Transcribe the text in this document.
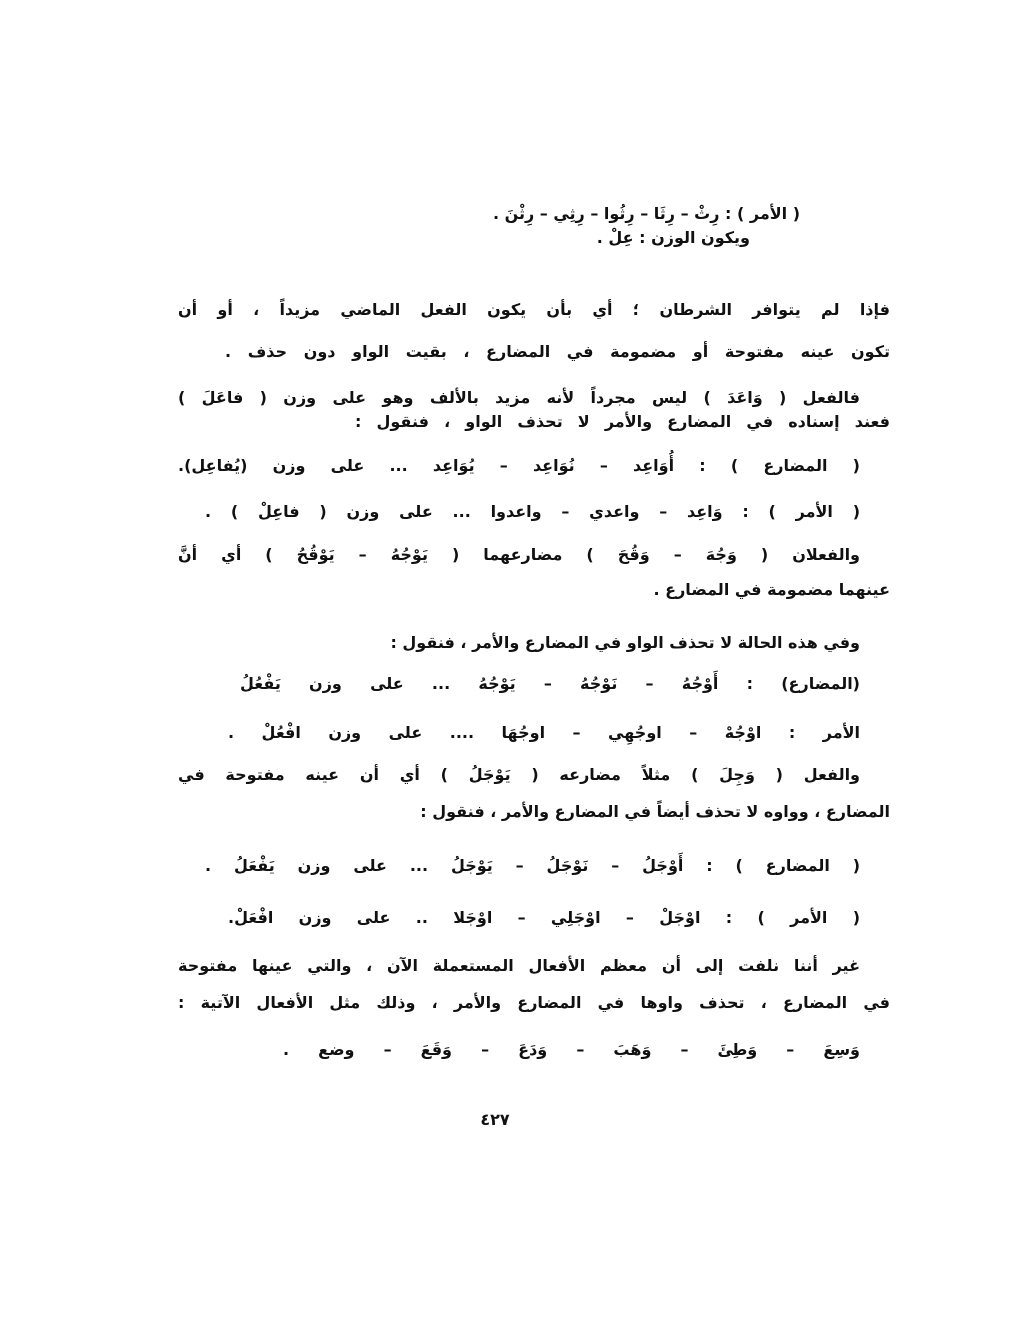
( الأمر ) : رِثْ – رِثَا – رِثُوا – رِثِي – رِثْنَ .
ويكون الوزن : عِلْ .
فإذا لم يتوافر الشرطان ؛ أي بأن يكون الفعل الماضي مزيداً ، أو أن
تكون عينه مفتوحة أو مضمومة في المضارع ، بقيت الواو دون حذف .
فالفعل ( وَاعَدَ ) ليس مجرداً لأنه مزيد بالألف وهو على وزن ( فاعَلَ )
فعند إسناده في المضارع والأمر لا تحذف الواو ، فنقول :
( المضارع ) : أُوَاعِد – نُوَاعِد – يُوَاعِد ... على وزن (يُفاعِل).
( الأمر ) : وَاعِد – واعدي – واعدوا ... على وزن ( فاعِلْ ) .
والفعلان ( وَجُهَ – وَقُحَ ) مضارعهما ( يَوْجُهُ – يَوْقُحُ ) أي أنَّ
عينهما مضمومة في المضارع .
وفي هذه الحالة لا تحذف الواو في المضارع والأمر ، فنقول :
(المضارع) : أَوْجُهُ – نَوْجُهُ – يَوْجُهُ ... على وزن يَفْعُلُ
الأمر : اوْجُهْ – اوجُهِي – اوجُهَا .... على وزن افْعُلْ .
والفعل ( وَجِلَ ) مثلاً مضارعه ( يَوْجَلُ ) أي أن عينه مفتوحة في
المضارع ، وواوه لا تحذف أيضاً في المضارع والأمر ، فنقول :
( المضارع ) : أَوْجَلُ – نَوْجَلُ – يَوْجَلُ ... على وزن يَفْعَلُ .
( الأمر ) : اوْجَلْ – اوْجَلِي – اوْجَلا .. على وزن افْعَلْ.
غير أننا نلفت إلى أن معظم الأفعال المستعملة الآن ، والتي عينها مفتوحة
في المضارع ، تحذف واوها في المضارع والأمر ، وذلك مثل الأفعال الآتية :
وَسِعَ – وَطِئَ – وَهَبَ – وَدَعَ – وَقَعَ – وضع .
٤٢٧
